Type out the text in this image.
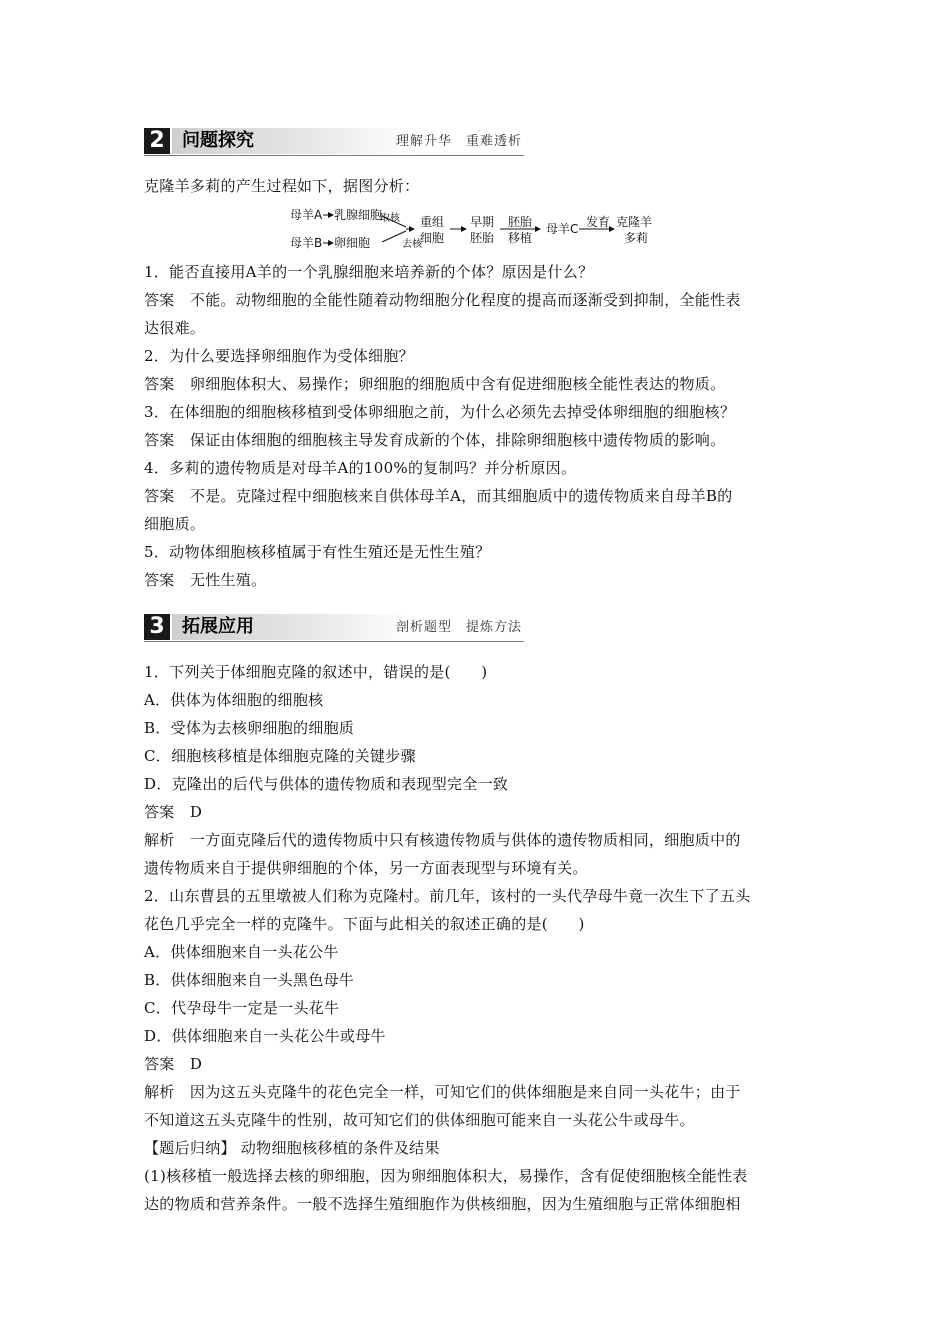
2 问题探究	理解升华　重难透析
克隆羊多莉的产生过程如下，据图分析：
母羊A 乳腺细胞
取核
母羊B 卵细胞	去核
重组
细胞
早期
胚胎
胚胎
移植
母羊C 发育 克隆羊
多莉
1．能否直接用A羊的一个乳腺细胞来培养新的个体？原因是什么？
答案　不能。动物细胞的全能性随着动物细胞分化程度的提高而逐渐受到抑制，全能性表
达很难。
2．为什么要选择卵细胞作为受体细胞？
答案　卵细胞体积大、易操作；卵细胞的细胞质中含有促进细胞核全能性表达的物质。
3．在体细胞的细胞核移植到受体卵细胞之前，为什么必须先去掉受体卵细胞的细胞核？
答案　保证由体细胞的细胞核主导发育成新的个体，排除卵细胞核中遗传物质的影响。
4．多莉的遗传物质是对母羊A的100%的复制吗？并分析原因。
答案　不是。克隆过程中细胞核来自供体母羊A，而其细胞质中的遗传物质来自母羊B的
细胞质。
5．动物体细胞核移植属于有性生殖还是无性生殖？
答案　无性生殖。
3 拓展应用	剖析题型　提炼方法
1．下列关于体细胞克隆的叙述中，错误的是(　　)
A．供体为体细胞的细胞核
B．受体为去核卵细胞的细胞质
C．细胞核移植是体细胞克隆的关键步骤
D．克隆出的后代与供体的遗传物质和表现型完全一致
答案　D
解析　一方面克隆后代的遗传物质中只有核遗传物质与供体的遗传物质相同，细胞质中的
遗传物质来自于提供卵细胞的个体，另一方面表现型与环境有关。
2．山东曹县的五里墩被人们称为克隆村。前几年，该村的一头代孕母牛竟一次生下了五头
花色几乎完全一样的克隆牛。下面与此相关的叙述正确的是(　　)
A．供体细胞来自一头花公牛
B．供体细胞来自一头黑色母牛
C．代孕母牛一定是一头花牛
D．供体细胞来自一头花公牛或母牛
答案　D
解析　因为这五头克隆牛的花色完全一样，可知它们的供体细胞是来自同一头花牛；由于
不知道这五头克隆牛的性别，故可知它们的供体细胞可能来自一头花公牛或母牛。
【题后归纳】 动物细胞核移植的条件及结果
(1)核移植一般选择去核的卵细胞，因为卵细胞体积大，易操作，含有促使细胞核全能性表
达的物质和营养条件。一般不选择生殖细胞作为供核细胞，因为生殖细胞与正常体细胞相
